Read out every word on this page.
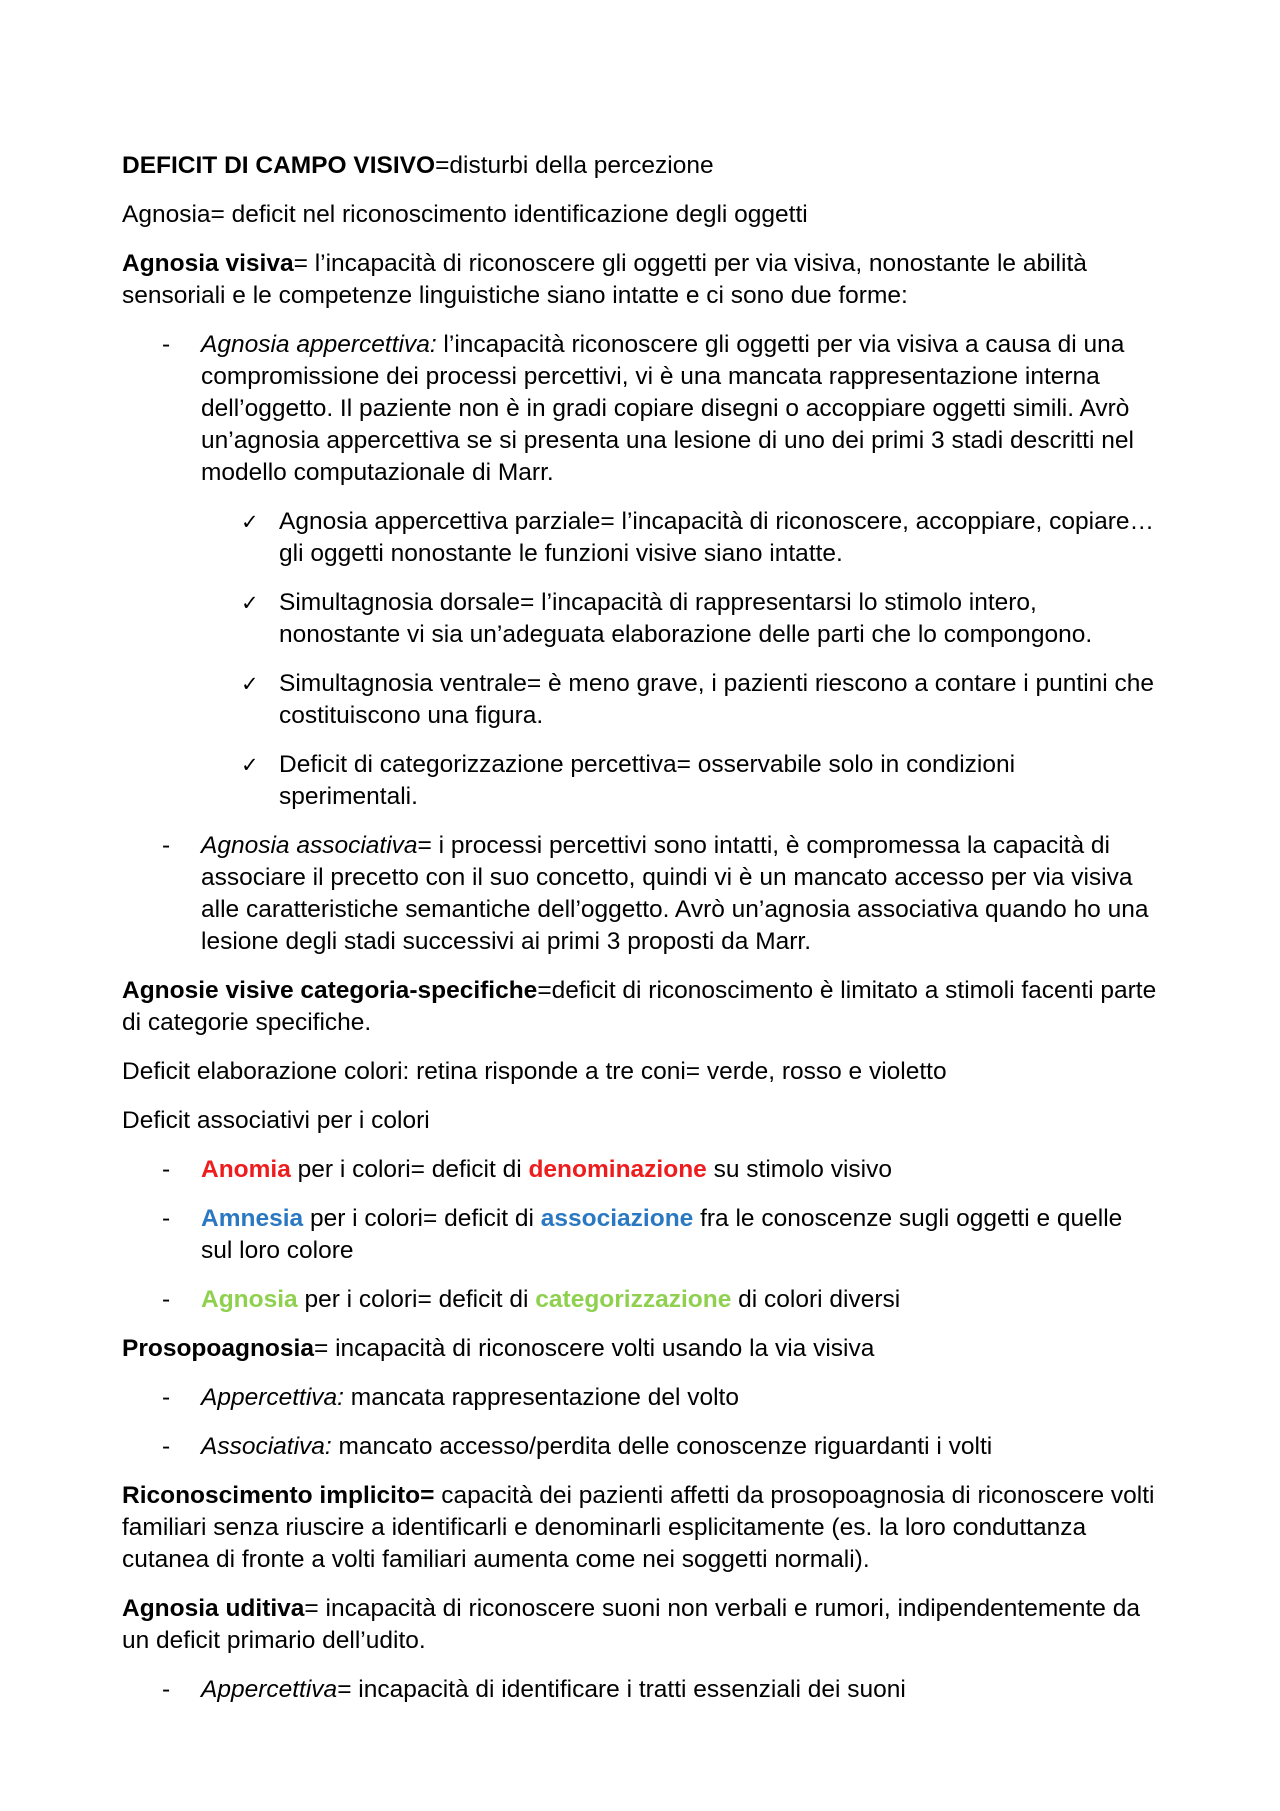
DEFICIT DI CAMPO VISIVO=disturbi della percezione

Agnosia= deficit nel riconoscimento identificazione degli oggetti

Agnosia visiva= l’incapacità di riconoscere gli oggetti per via visiva, nonostante le abilità sensoriali e le competenze linguistiche siano intatte e ci sono due forme:

- Agnosia appercettiva: l’incapacità riconoscere gli oggetti per via visiva a causa di una compromissione dei processi percettivi, vi è una mancata rappresentazione interna dell’oggetto. Il paziente non è in gradi copiare disegni o accoppiare oggetti simili. Avrò un’agnosia appercettiva se si presenta una lesione di uno dei primi 3 stadi descritti nel modello computazionale di Marr.
✓ Agnosia appercettiva parziale= l’incapacità di riconoscere, accoppiare, copiare…gli oggetti nonostante le funzioni visive siano intatte.
✓ Simultagnosia dorsale= l’incapacità di rappresentarsi lo stimolo intero, nonostante vi sia un’adeguata elaborazione delle parti che lo compongono.
✓ Simultagnosia ventrale= è meno grave, i pazienti riescono a contare i puntini che costituiscono una figura.
✓ Deficit di categorizzazione percettiva= osservabile solo in condizioni sperimentali.
- Agnosia associativa= i processi percettivi sono intatti, è compromessa la capacità di associare il precetto con il suo concetto, quindi vi è un mancato accesso per via visiva alle caratteristiche semantiche dell’oggetto. Avrò un’agnosia associativa quando ho una lesione degli stadi successivi ai primi 3 proposti da Marr.

Agnosie visive categoria-specifiche=deficit di riconoscimento è limitato a stimoli facenti parte di categorie specifiche.

Deficit elaborazione colori: retina risponde a tre coni= verde, rosso e violetto

Deficit associativi per i colori

- Anomia per i colori= deficit di denominazione su stimolo visivo
- Amnesia per i colori= deficit di associazione fra le conoscenze sugli oggetti e quelle sul loro colore
- Agnosia per i colori= deficit di categorizzazione di colori diversi

Prosopoagnosia= incapacità di riconoscere volti usando la via visiva

- Appercettiva: mancata rappresentazione del volto
- Associativa: mancato accesso/perdita delle conoscenze riguardanti i volti

Riconoscimento implicito= capacità dei pazienti affetti da prosopoagnosia di riconoscere volti familiari senza riuscire a identificarli e denominarli esplicitamente (es. la loro conduttanza cutanea di fronte a volti familiari aumenta come nei soggetti normali).

Agnosia uditiva= incapacità di riconoscere suoni non verbali e rumori, indipendentemente da un deficit primario dell’udito.

- Appercettiva= incapacità di identificare i tratti essenziali dei suoni
